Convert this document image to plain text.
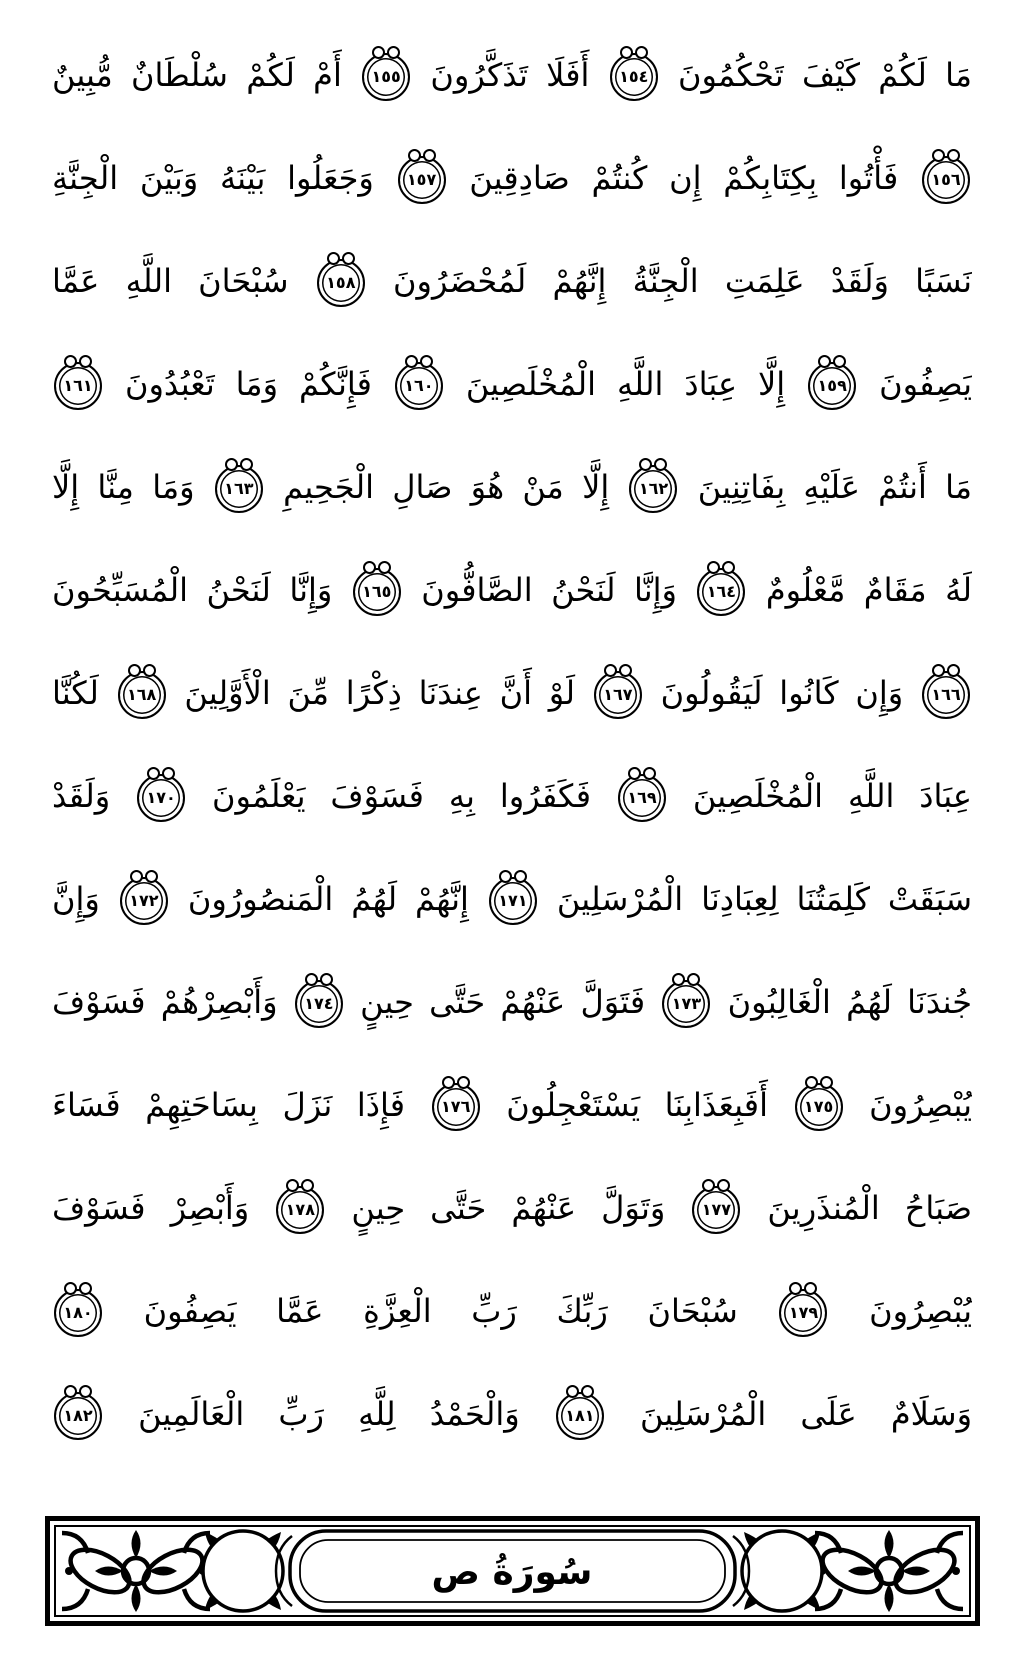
مَا لَكُمْ كَيْفَ تَحْكُمُونَ
١٥٤
أَفَلَا تَذَكَّرُونَ
١٥٥
أَمْ لَكُمْ سُلْطَانٌ مُّبِينٌ
١٥٦
فَأْتُوا بِكِتَابِكُمْ إِن كُنتُمْ صَادِقِينَ
١٥٧
وَجَعَلُوا بَيْنَهُ وَبَيْنَ الْجِنَّةِ
نَسَبًا وَلَقَدْ عَلِمَتِ الْجِنَّةُ إِنَّهُمْ لَمُحْضَرُونَ
١٥٨
سُبْحَانَ اللَّهِ عَمَّا
يَصِفُونَ
١٥٩
إِلَّا عِبَادَ اللَّهِ الْمُخْلَصِينَ
١٦٠
فَإِنَّكُمْ وَمَا تَعْبُدُونَ
١٦١
مَا أَنتُمْ عَلَيْهِ بِفَاتِنِينَ
١٦٢
إِلَّا مَنْ هُوَ صَالِ الْجَحِيمِ
١٦٣
وَمَا مِنَّا إِلَّا
لَهُ مَقَامٌ مَّعْلُومٌ
١٦٤
وَإِنَّا لَنَحْنُ الصَّافُّونَ
١٦٥
وَإِنَّا لَنَحْنُ الْمُسَبِّحُونَ
١٦٦
وَإِن كَانُوا لَيَقُولُونَ
١٦٧
لَوْ أَنَّ عِندَنَا ذِكْرًا مِّنَ الْأَوَّلِينَ
١٦٨
لَكُنَّا
عِبَادَ اللَّهِ الْمُخْلَصِينَ
١٦٩
فَكَفَرُوا بِهِ فَسَوْفَ يَعْلَمُونَ
١٧٠
وَلَقَدْ
سَبَقَتْ كَلِمَتُنَا لِعِبَادِنَا الْمُرْسَلِينَ
١٧١
إِنَّهُمْ لَهُمُ الْمَنصُورُونَ
١٧٢
وَإِنَّ
جُندَنَا لَهُمُ الْغَالِبُونَ
١٧٣
فَتَوَلَّ عَنْهُمْ حَتَّى حِينٍ
١٧٤
وَأَبْصِرْهُمْ فَسَوْفَ
يُبْصِرُونَ
١٧٥
أَفَبِعَذَابِنَا يَسْتَعْجِلُونَ
١٧٦
فَإِذَا نَزَلَ بِسَاحَتِهِمْ فَسَاءَ
صَبَاحُ الْمُنذَرِينَ
١٧٧
وَتَوَلَّ عَنْهُمْ حَتَّى حِينٍ
١٧٨
وَأَبْصِرْ فَسَوْفَ
يُبْصِرُونَ
١٧٩
سُبْحَانَ رَبِّكَ رَبِّ الْعِزَّةِ عَمَّا يَصِفُونَ
١٨٠
وَسَلَامٌ عَلَى الْمُرْسَلِينَ
١٨١
وَالْحَمْدُ لِلَّهِ رَبِّ الْعَالَمِينَ
١٨٢
سُورَةُ ص
